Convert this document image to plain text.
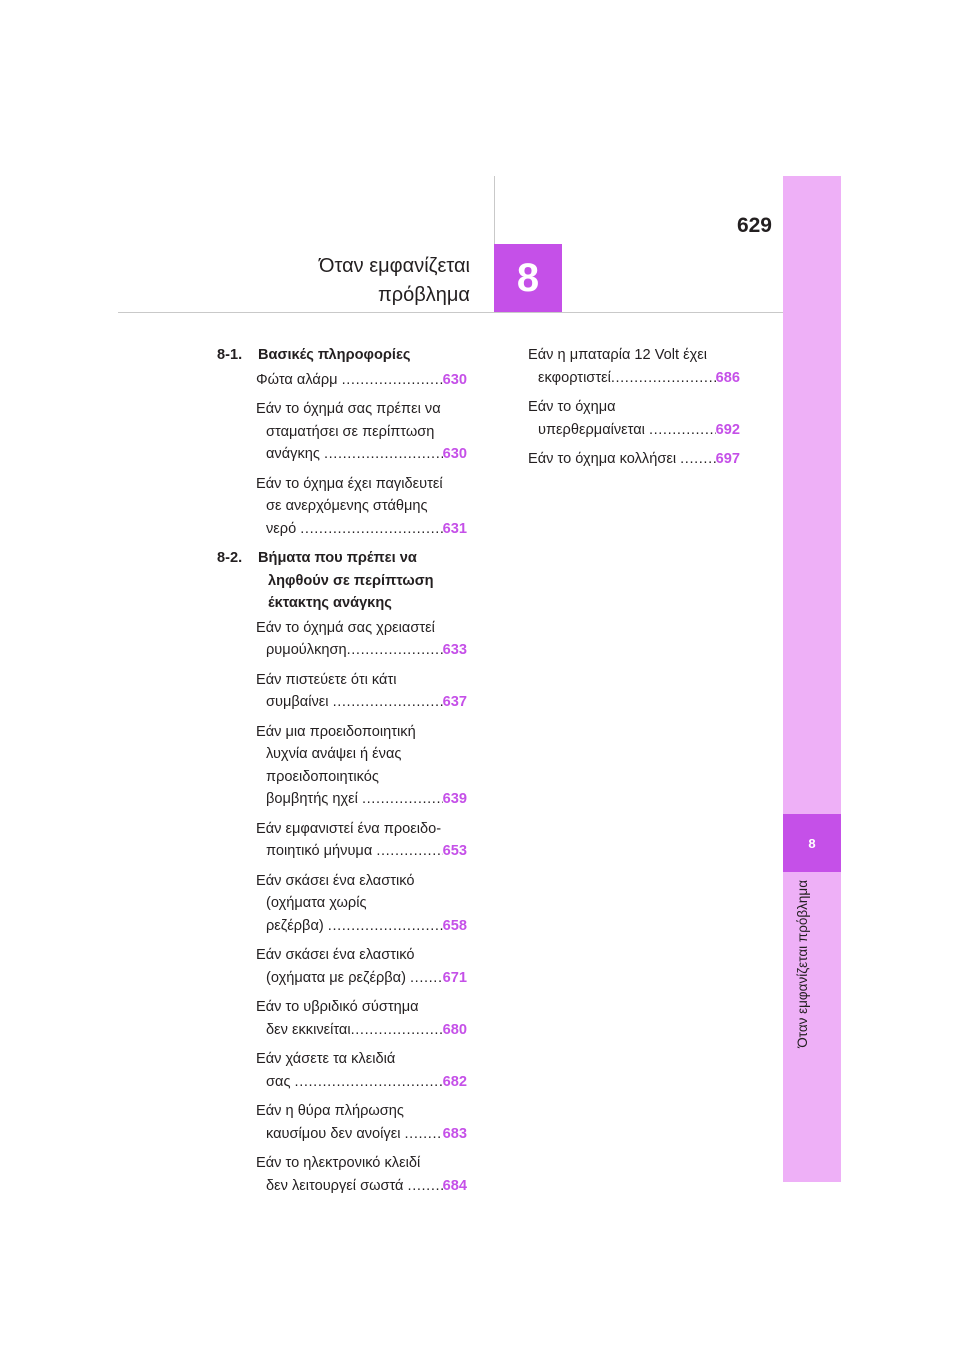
8
Όταν εμφανίζεται πρόβλημα
629
Όταν εμφανίζεται
πρόβλημα	8
8-1.	Βασικές πληροφορίες
Φώτα αλάρμ .....	630
Εάν το όχημά σας πρέπει να
σταματήσει σε περίπτωση
ανάγκης .....	630
Εάν το όχημα έχει παγιδευτεί
σε ανερχόμενης στάθμης
νερό .....	631
8-2.	Βήματα που πρέπει να
ληφθούν σε περίπτωση
έκτακτης ανάγκης
Εάν το όχημά σας χρειαστεί
ρυμούλκηση .....	633
Εάν πιστεύετε ότι κάτι
συμβαίνει .....	637
Εάν μια προειδοποιητική
λυχνία ανάψει ή ένας
προειδοποιητικός
βομβητής ηχεί .....	639
Εάν εμφανιστεί ένα προειδο-
ποιητικό μήνυμα .....	653
Εάν σκάσει ένα ελαστικό
(οχήματα χωρίς
ρεζέρβα) .....	658
Εάν σκάσει ένα ελαστικό
(οχήματα με ρεζέρβα) ..... 671
Εάν το υβριδικό σύστημα
δεν εκκινείται .....	680
Εάν χάσετε τα κλειδιά
σας .....	682
Εάν η θύρα πλήρωσης
καυσίμου δεν ανοίγει .....	683
Εάν το ηλεκτρονικό κλειδί
δεν λειτουργεί σωστά ..... 684
Εάν η μπαταρία 12 Volt έχει
εκφορτιστεί .....	686
Εάν το όχημα
υπερθερμαίνεται .....	692
Εάν το όχημα κολλήσει ..... 697
